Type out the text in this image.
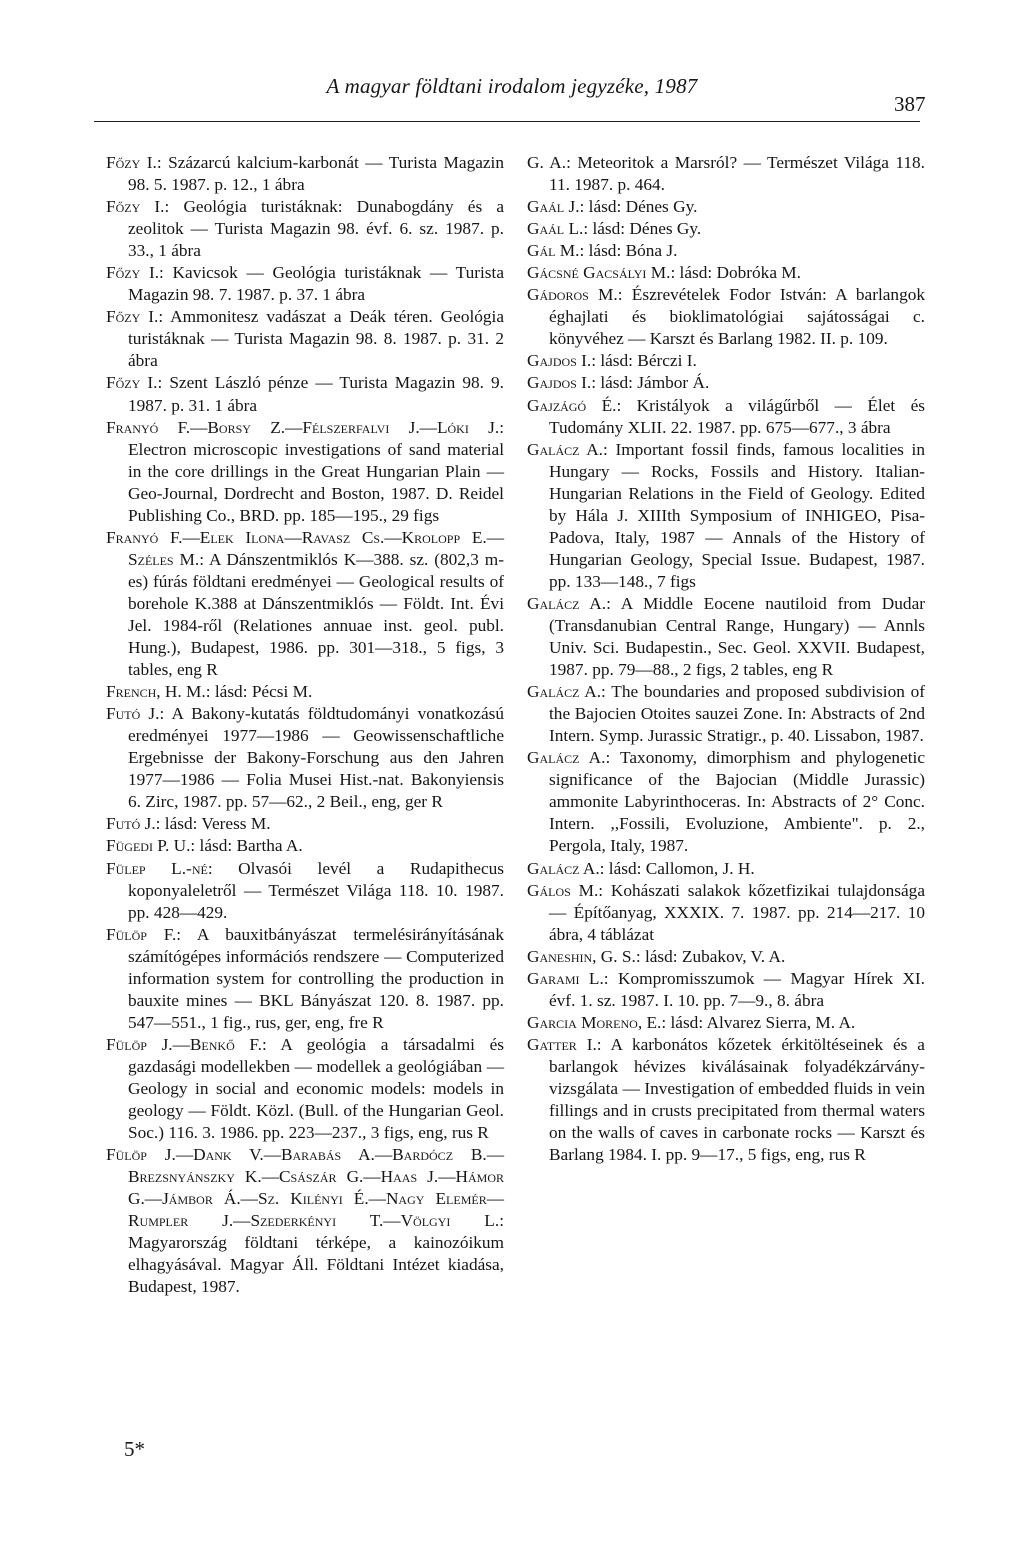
A magyar földtani irodalom jegyzéke, 1987
387

Főzy I.: Százarcú kalcium-karbonát — Turista Magazin 98. 5. 1987. p. 12., 1 ábra

Főzy I.: Geológia turistáknak: Dunabogdány és a zeolitok — Turista Magazin 98. évf. 6. sz. 1987. p. 33., 1 ábra

Főzy I.: Kavicsok — Geológia turistáknak — Turista Magazin 98. 7. 1987. p. 37. 1 ábra

Főzy I.: Ammonitesz vadászat a Deák téren. Geológia turistáknak — Turista Magazin 98. 8. 1987. p. 31. 2 ábra

Főzy I.: Szent László pénze — Turista Magazin 98. 9. 1987. p. 31. 1 ábra

Franyó F.—Borsy Z.—Félszerfalvi J.—Lóki J.: Electron microscopic investigations of sand material in the core drillings in the Great Hungarian Plain — Geo-Journal, Dordrecht and Boston, 1987. D. Reidel Publishing Co., BRD. pp. 185—195., 29 figs

Franyó F.—Elek Ilona—Ravasz Cs.—Krolopp E.—Széles M.: A Dánszentmiklós K—388. sz. (802,3 m-es) fúrás földtani eredményei — Geological results of borehole K.388 at Dánszentmiklós — Földt. Int. Évi Jel. 1984-ről (Relationes annuae inst. geol. publ. Hung.), Budapest, 1986. pp. 301—318., 5 figs, 3 tables, eng R

French, H. M.: lásd: Pécsi M.

Futó J.: A Bakony-kutatás földtudományi vonatkozású eredményei 1977—1986 — Geowissenschaftliche Ergebnisse der Bakony-Forschung aus den Jahren 1977—1986 — Folia Musei Hist.-nat. Bakonyiensis 6. Zirc, 1987. pp. 57—62., 2 Beil., eng, ger R

Futó J.: lásd: Veress M.

Fügedi P. U.: lásd: Bartha A.

Fülep L.-né: Olvasói levél a Rudapithecus koponyaleletről — Természet Világa 118. 10. 1987. pp. 428—429.

Fülöp F.: A bauxitbányászat termelésirányításának számítógépes információs rendszere — Computerized information system for controlling the production in bauxite mines — BKL Bányászat 120. 8. 1987. pp. 547—551., 1 fig., rus, ger, eng, fre R

Fülöp J.—Benkő F.: A geológia a társadalmi és gazdasági modellekben — modellek a geológiában — Geology in social and economic models: models in geology — Földt. Közl. (Bull. of the Hungarian Geol. Soc.) 116. 3. 1986. pp. 223—237., 3 figs, eng, rus R

Fülöp J.—Dank V.—Barabás A.—Bardócz B.—Brezsnyánszky K.—Császár G.—Haas J.—Hámor G.—Jámbor Á.—Sz. Kilényi É.—Nagy Elemér—Rumpler J.—Szederkényi T.—Völgyi L.: Magyarország földtani térképe, a kainozóikum elhagyásával. Magyar Áll. Földtani Intézet kiadása, Budapest, 1987.

G. A.: Meteoritok a Marsról? — Természet Világa 118. 11. 1987. p. 464.

Gaál J.: lásd: Dénes Gy.

Gaál L.: lásd: Dénes Gy.

Gál M.: lásd: Bóna J.

Gácsné Gacsályi M.: lásd: Dobróka M.

Gádoros M.: Észrevételek Fodor István: A barlangok éghajlati és bioklimatológiai sajátosságai c. könyvéhez — Karszt és Barlang 1982. II. p. 109.

Gajdos I.: lásd: Bérczi I.

Gajdos I.: lásd: Jámbor Á.

Gajzágó É.: Kristályok a világűrből — Élet és Tudomány XLII. 22. 1987. pp. 675—677., 3 ábra

Galácz A.: Important fossil finds, famous localities in Hungary — Rocks, Fossils and History. Italian-Hungarian Relations in the Field of Geology. Edited by Hála J. XIIIth Symposium of INHIGEO, Pisa-Padova, Italy, 1987 — Annals of the History of Hungarian Geology, Special Issue. Budapest, 1987. pp. 133—148., 7 figs

Galácz A.: A Middle Eocene nautiloid from Dudar (Transdanubian Central Range, Hungary) — Annls Univ. Sci. Budapestin., Sec. Geol. XXVII. Budapest, 1987. pp. 79—88., 2 figs, 2 tables, eng R

Galácz A.: The boundaries and proposed subdivision of the Bajocien Otoites sauzei Zone. In: Abstracts of 2nd Intern. Symp. Jurassic Stratigr., p. 40. Lissabon, 1987.

Galácz A.: Taxonomy, dimorphism and phylogenetic significance of the Bajocian (Middle Jurassic) ammonite Labyrinthoceras. In: Abstracts of 2° Conc. Intern. ,,Fossili, Evoluzione, Ambiente". p. 2., Pergola, Italy, 1987.

Galácz A.: lásd: Callomon, J. H.

Gálos M.: Kohászati salakok kőzetfizikai tulajdonsága — Építőanyag, XXXIX. 7. 1987. pp. 214—217. 10 ábra, 4 táblázat

Ganeshin, G. S.: lásd: Zubakov, V. A.

Garami L.: Kompromisszumok — Magyar Hírek XI. évf. 1. sz. 1987. I. 10. pp. 7—9., 8. ábra

Garcia Moreno, E.: lásd: Alvarez Sierra, M. A.

Gatter I.: A karbonátos kőzetek érkitöltéseinek és a barlangok hévizes kiválásainak folyadékzárvány-vizsgálata — Investigation of embedded fluids in vein fillings and in crusts precipitated from thermal waters on the walls of caves in carbonate rocks — Karszt és Barlang 1984. I. pp. 9—17., 5 figs, eng, rus R

5*
